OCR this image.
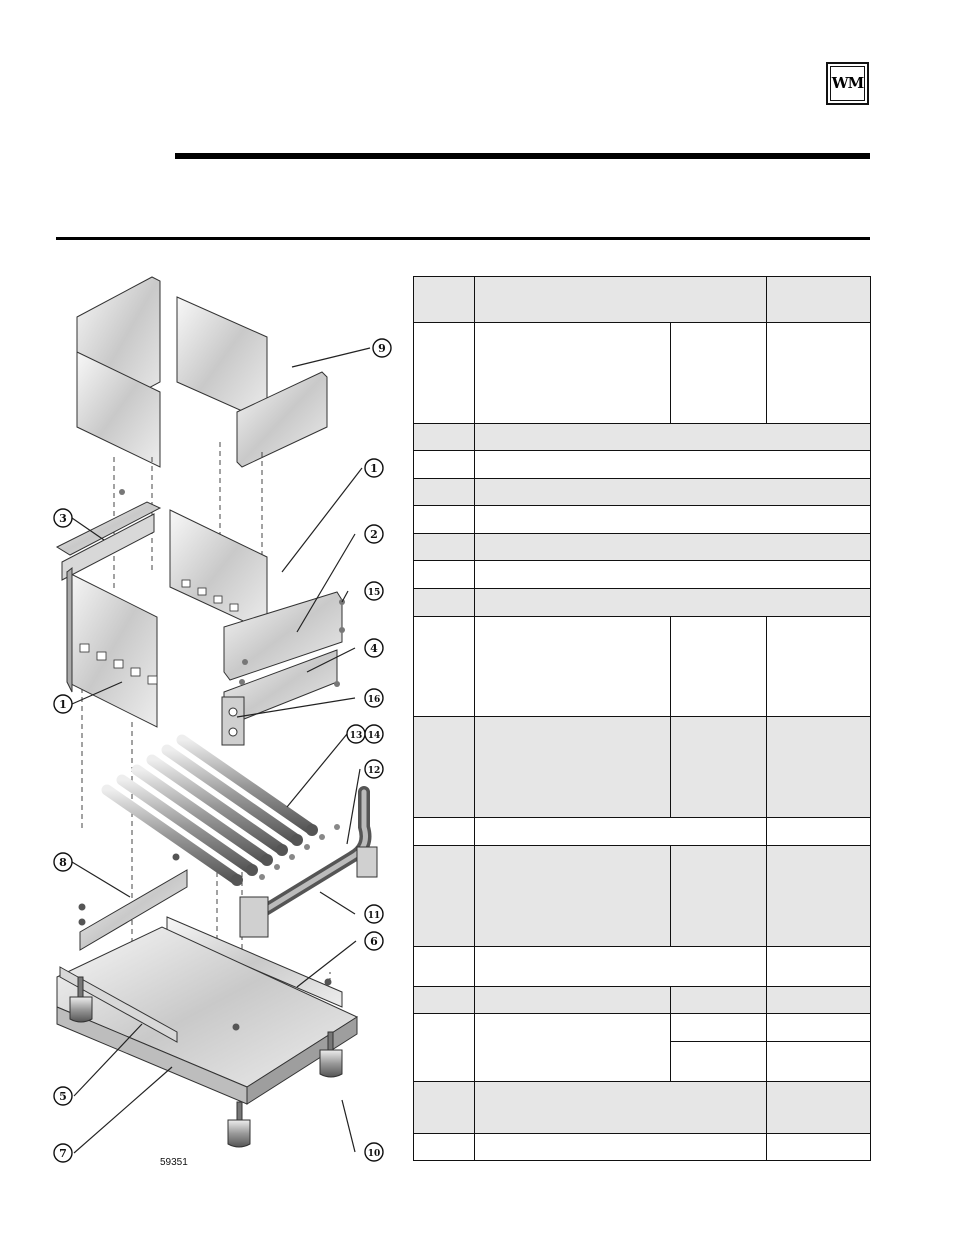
WM
9
1
2
3
4
5
6
7
8
10
11
12
13 14
15
16
1
59351
